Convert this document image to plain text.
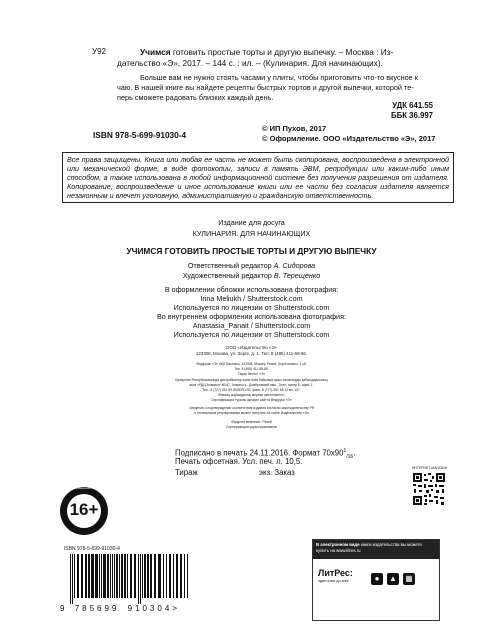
У92	Учимся готовить простые торты и другую выпечку. – Москва : Из-
дательство «Э», 2017. – 144 с. : ил. – (Кулинария. Для начинающих).
Больше вам не нужно стоять часами у плиты, чтобы приготовить что-то вкусное к
чаю. В нашей книге вы найдете рецепты быстрых тортов и другой выпечки, которой те-
перь сможете радовать близких каждый день.
УДК 641.55
ББК 36.997
ISBN 978-5-699-91030-4
© ИП Пухов, 2017
© Оформление. ООО «Издательство «Э», 2017
Все права защищены. Книга или любая ее часть не может быть скопирована, воспроизведена в электронной или механической форме, в виде фотокопии, записи в память ЭВМ, репродукции или каким-либо иным способом, а также использована в любой информационной системе без получения разрешения от издателя. Копирование, воспроизведение и иное использование книги или ее части без согласия издателя является незаконным и влечет уголовную, административную и гражданскую ответственность.
Издание для досуга
КУЛИНАРИЯ. ДЛЯ НАЧИНАЮЩИХ
УЧИМСЯ ГОТОВИТЬ ПРОСТЫЕ ТОРТЫ И ДРУГУЮ ВЫПЕЧКУ
Ответственный редактор А. Сидорова
Художественный редактор В. Терещенко
В оформлении обложки использована фотография:
Irina Meliukh / Shutterstock.com
Используется по лицензии от Shutterstock.com
Во внутреннем оформлении использована фотография:
Anastasia_Panait / Shutterstock.com
Используется по лицензии от Shutterstock.com
ООО «Издательство «Э»
123308, Москва, ул. Зорге, д. 1. Тел. 8 (495) 411-68-86.
Өндіруші: «Э» АҚБ Баспасы, 123308, Мәскеу, Ресей, Зорге көшесі, 1 үй.
Тел. 8 (495) 411-68-86.
Тауар белгісі: «Э»
Қазақстан Республикасында дистрибьютор және өнім бойынша арыз-талаптарды қабылдаушының
өкілі «РДЦ-Алматы» ЖШС, Алматы қ., Домбровский көш., 3«а», литер Б, офис 1.
Тел.: 8 (727) 251-59-89/90/91/92, факс: 8 (727) 251 58 12 вн. 107.
Өнімнің жарамдылық мерзімі шектелмеген.
Сертификация туралы ақпарат сайтта Өндіруші «Э»
Сведения о подтверждении соответствия издания согласно законодательству РФ
о техническом регулировании можно получить на сайте Издательства «Э»
Өндірген мемлекет: Ресей
Сертификация қарастырылмаған
Подписано в печать 24.11.2016. Формат $70х90^1_{/16}$.
Печать офсетная. Усл. печ. л. 10,5.
Тираж	экз. Заказ
16+
Book-информационной продукции
ИНТЕРНЕТ-МАГАЗИН
ISBN 978-5-699-91030-4
9 785699 910304>
В электронном виде книги издательства вы можете
купить на www.litres.ru
ЛитРес:
один клик до книг	● ▲ ▦
